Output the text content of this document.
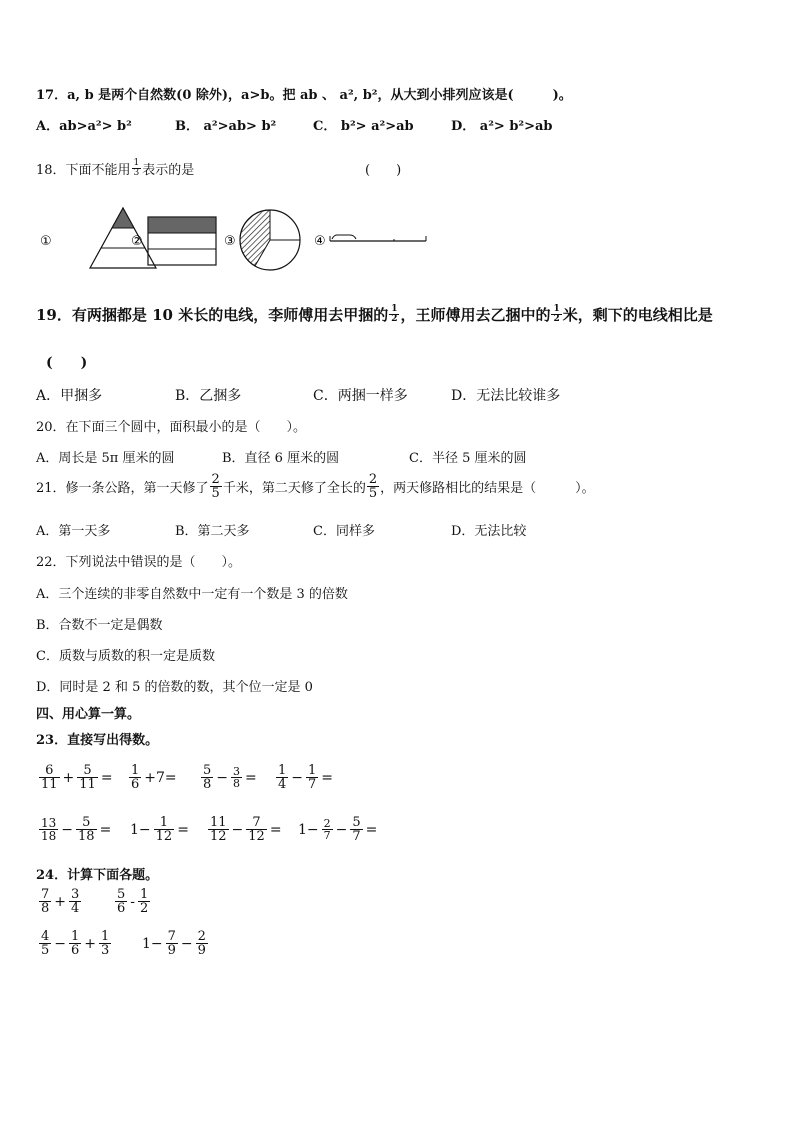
17．a, b 是两个自然数(0 除外)，a>b。把 ab 、 a², b²，从大到小排列应该是(　　　)。
A．ab>a²> b²	B． a²>ab> b²	C． b²> a²>ab	D． a²> b²>ab
18．下面不能用 $\frac{1}{3}$ 表示的是	(　　)
①	②	③	④
19．有两捆都是 10 米长的电线，李师傅用去甲捆的 $\frac{1}{2}$ ，王师傅用去乙捆中的 $\frac{1}{2}$ 米，剩下的电线相比是
(　　)
A．甲捆多	B．乙捆多	C．两捆一样多	D．无法比较谁多
20．在下面三个圆中，面积最小的是（　　）。
A．周长是 5π 厘米的圆	B．直径 6 厘米的圆	C．半径 5 厘米的圆
21．修一条公路，第一天修了 $\frac{2}{5}$ 千米，第二天修了全长的 $\frac{2}{5}$ ，两天修路相比的结果是（　　　）。
A．第一天多	B．第二天多	C．同样多	D．无法比较
22．下列说法中错误的是（　　）。
A．三个连续的非零自然数中一定有一个数是 3 的倍数
B．合数不一定是偶数
C．质数与质数的积一定是质数
D．同时是 2 和 5 的倍数的数，其个位一定是 0
四、用心算一算。
23．直接写出得数。
$\frac{6}{11} + \frac{5}{11} = \frac{1}{6} +7= \frac{5}{8} - \frac{3}{8} = \frac{1}{4} - \frac{1}{7}$ =
$\frac{13}{18} - \frac{5}{18} = 1- \frac{1}{12} = \frac{11}{12} - \frac{7}{12} = 1- \frac{2}{7} - \frac{5}{7}$ =
24．计算下面各题。
$\frac{7}{8} + \frac{3}{4}$	$\frac{5}{6} - \frac{1}{2}$
$\frac{4}{5} - \frac{1}{6} + \frac{1}{3} 1- \frac{7}{9} - \frac{2}{9}$
